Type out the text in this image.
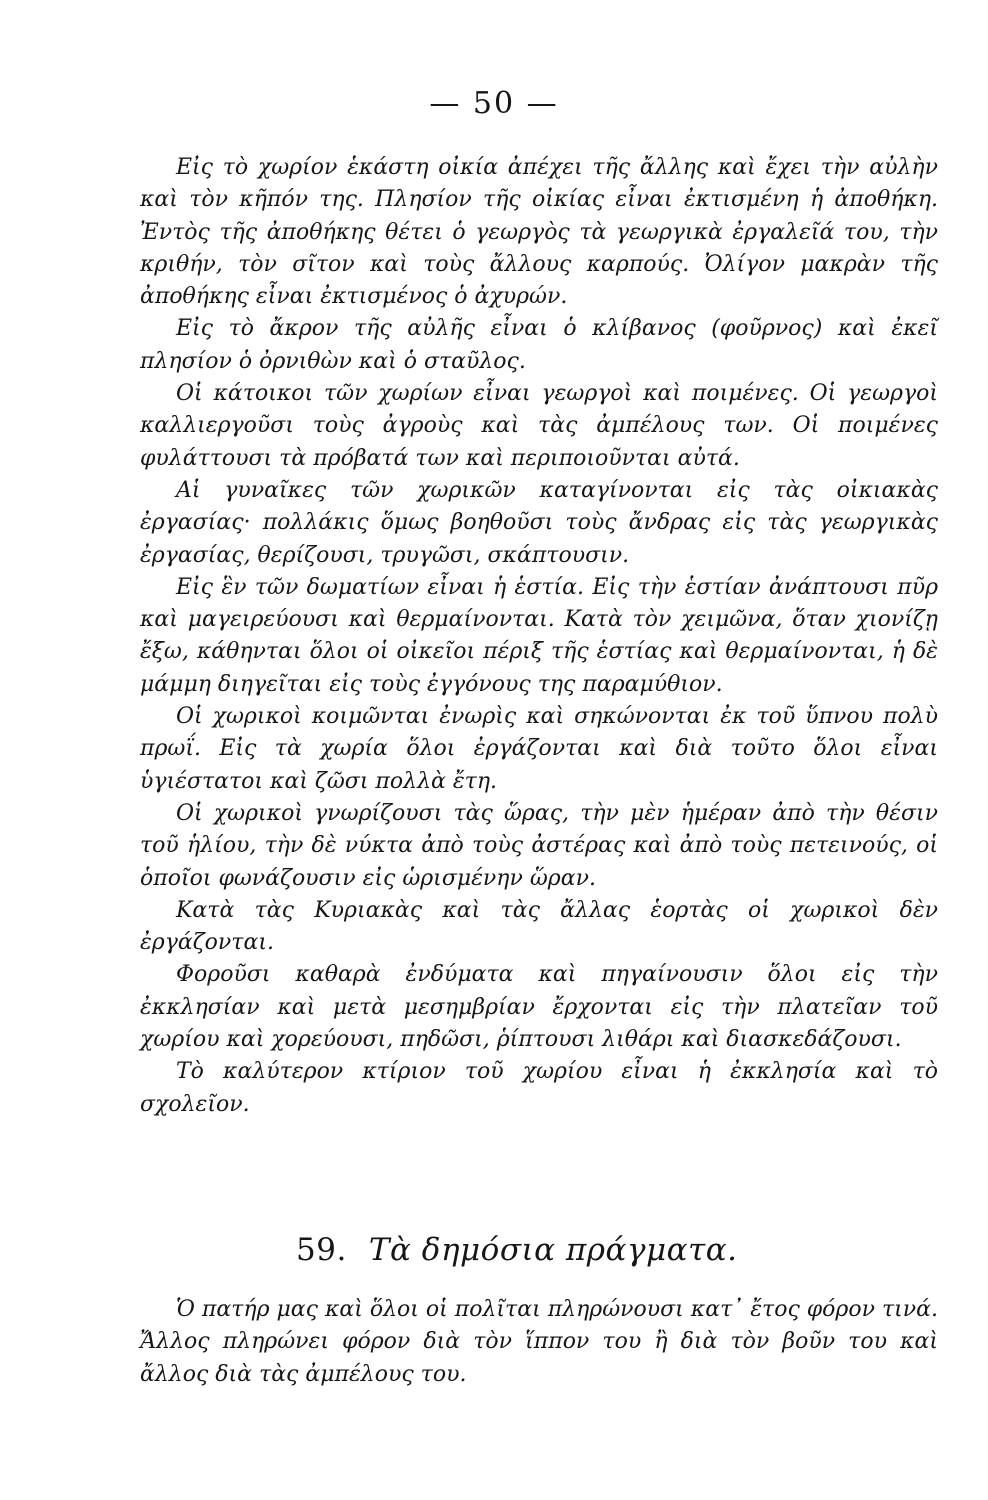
— 50 —

Εἰς τὸ χωρίον ἑκάστη οἰκία ἀπέχει τῆς ἄλλης καὶ ἔχει τὴν αὐλὴν καὶ τὸν κῆπόν της. Πλησίον τῆς οἰκίας εἶναι ἐκτισμένη ἡ ἀποθήκη. Ἐντὸς τῆς ἀποθήκης θέτει ὁ γεωργὸς τὰ γεωργικὰ ἐργαλεῖά του, τὴν κριθήν, τὸν σῖτον καὶ τοὺς ἄλλους καρπούς. Ὀλίγον μακρὰν τῆς ἀποθήκης εἶναι ἐκτισμένος ὁ ἀχυρών.

Εἰς τὸ ἄκρον τῆς αὐλῆς εἶναι ὁ κλίβανος (φοῦρνος) καὶ ἐκεῖ πλησίον ὁ ὀρνιθὼν καὶ ὁ σταῦλος.

Οἱ κάτοικοι τῶν χωρίων εἶναι γεωργοὶ καὶ ποιμένες. Οἱ γεωργοὶ καλλιεργοῦσι τοὺς ἀγροὺς καὶ τὰς ἀμπέλους των. Οἱ ποιμένες φυλάττουσι τὰ πρόβατά των καὶ περιποιοῦνται αὐτά.

Αἱ γυναῖκες τῶν χωρικῶν καταγίνονται εἰς τὰς οἰκιακὰς ἐργασίας· πολλάκις ὅμως βοηθοῦσι τοὺς ἄνδρας εἰς τὰς γεωργικὰς ἐργασίας, θερίζουσι, τρυγῶσι, σκάπτουσιν.

Εἰς ἓν τῶν δωματίων εἶναι ἡ ἑστία. Εἰς τὴν ἑστίαν ἀνάπτουσι πῦρ καὶ μαγειρεύουσι καὶ θερμαίνονται. Κατὰ τὸν χειμῶνα, ὅταν χιονίζῃ ἔξω, κάθηνται ὅλοι οἱ οἰκεῖοι πέριξ τῆς ἑστίας καὶ θερμαίνονται, ἡ δὲ μάμμη διηγεῖται εἰς τοὺς ἐγγόνους της παραμύθιον.

Οἱ χωρικοὶ κοιμῶνται ἐνωρὶς καὶ σηκώνονται ἐκ τοῦ ὕπνου πολὺ πρωΐ. Εἰς τὰ χωρία ὅλοι ἐργάζονται καὶ διὰ τοῦτο ὅλοι εἶναι ὑγιέστατοι καὶ ζῶσι πολλὰ ἔτη.

Οἱ χωρικοὶ γνωρίζουσι τὰς ὥρας, τὴν μὲν ἡμέραν ἀπὸ τὴν θέσιν τοῦ ἡλίου, τὴν δὲ νύκτα ἀπὸ τοὺς ἀστέρας καὶ ἀπὸ τοὺς πετεινούς, οἱ ὁποῖοι φωνάζουσιν εἰς ὡρισμένην ὥραν.

Κατὰ τὰς Κυριακὰς καὶ τὰς ἄλλας ἑορτὰς οἱ χωρικοὶ δὲν ἐργάζονται.

Φοροῦσι καθαρὰ ἐνδύματα καὶ πηγαίνουσιν ὅλοι εἰς τὴν ἐκκλησίαν καὶ μετὰ μεσημβρίαν ἔρχονται εἰς τὴν πλατεῖαν τοῦ χωρίου καὶ χορεύουσι, πηδῶσι, ῥίπτουσι λιθάρι καὶ διασκεδάζουσι.

Τὸ καλύτερον κτίριον τοῦ χωρίου εἶναι ἡ ἐκκλησία καὶ τὸ σχολεῖον.

59. Τὰ δημόσια πράγματα.

Ὁ πατήρ μας καὶ ὅλοι οἱ πολῖται πληρώνουσι κατ᾽ ἔτος φόρον τινά. Ἄλλος πληρώνει φόρον διὰ τὸν ἵππον του ἢ διὰ τὸν βοῦν του καὶ ἄλλος διὰ τὰς ἀμπέλους του.
